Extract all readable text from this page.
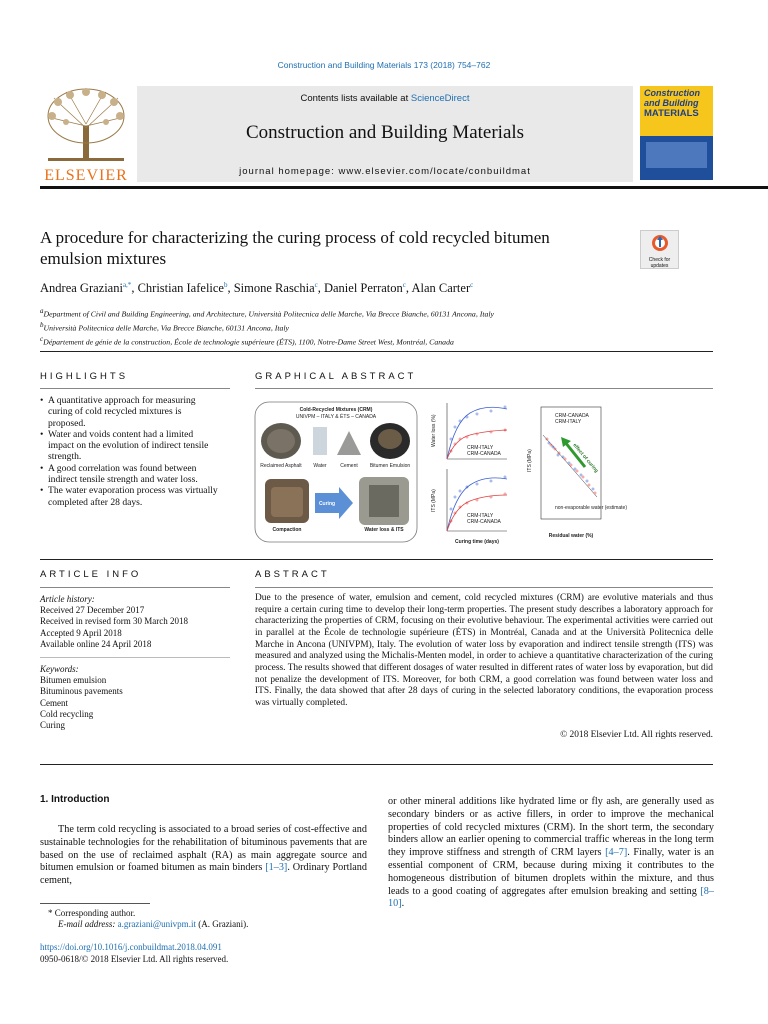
Construction and Building Materials 173 (2018) 754–762
ELSEVIER
Contents lists available at ScienceDirect
Construction and Building Materials
journal homepage: www.elsevier.com/locate/conbuildmat
Construction
and Building
MATERIALS
A procedure for characterizing the curing process of cold recycled bitumen emulsion mixtures	Check for updates
Andrea Graziani$^{a,*}$, Christian Iafelice$^b$, Simone Raschia$^c$, Daniel Perraton$^c$, Alan Carter$^c$
$^a$Department of Civil and Building Engineering, and Architecture, Università Politecnica delle Marche, Via Brecce Bianche, 60131 Ancona, Italy
$^b$Università Politecnica delle Marche, Via Brecce Bianche, 60131 Ancona, Italy
$^c$Département de génie de la construction, École de technologie supérieure (ÉTS), 1100, Notre-Dame Street West, Montréal, Canada
HIGHLIGHTS
• A quantitative approach for measuring curing of cold recycled mixtures is proposed.
• Water and voids content had a limited impact on the evolution of indirect tensile strength.
• A good correlation was found between indirect tensile strength and water loss.
• The water evaporation process was virtually completed after 28 days.
GRAPHICAL ABSTRACT
Cold-Recycled Mixtures (CRM)
UNIVPM – ITALY & ÉTS – CANADA
Reclaimed Asphalt Water	Cement Bitumen Emulsion
Curing
Compaction	Water loss & ITS
Water loss (%)
CRM-ITALY
CRM-CANADA
ITS (MPa)
CRM-ITALY
CRM-CANADA
Curing time (days)
ITS (MPa)
CRM-CANADA
CRM-ITALY
effect of curing
non-evaporable water (estimate)
Residual water (%)
ARTICLE INFO
Article history:
Received 27 December 2017
Received in revised form 30 March 2018
Accepted 9 April 2018
Available online 24 April 2018
Keywords:
Bitumen emulsion
Bituminous pavements
Cement
Cold recycling
Curing
ABSTRACT
Due to the presence of water, emulsion and cement, cold recycled mixtures (CRM) are evolutive materials and thus require a certain curing time to develop their long-term properties. The present study describes a laboratory approach for characterizing the properties of CRM, focusing on their evolutive behaviour. The experimental activities were carried out in parallel at the École de technologie supérieure (ÉTS) in Montréal, Canada and at the Università Politecnica delle Marche in Ancona (UNIVPM), Italy. The evolution of water loss by evaporation and indirect tensile strength (ITS) was measured and analyzed using the Michalis-Menten model, in order to achieve a quantitative characterization of the curing process. The results showed that different dosages of water resulted in different rates of water loss by evaporation, but did not penalize the development of ITS. Moreover, for both CRM, a good correlation was found between water loss and ITS. Finally, the data showed that after 28 days of curing in the selected laboratory conditions, the evaporation process was virtually completed.
© 2018 Elsevier Ltd. All rights reserved.
1. Introduction
The term cold recycling is associated to a broad series of cost-effective and sustainable technologies for the rehabilitation of bituminous pavements that are based on the use of reclaimed asphalt (RA) as main aggregate source and bitumen emulsion or foamed bitumen as main binders [1–3]. Ordinary Portland cement,
* Corresponding author.
E-mail address: a.graziani@univpm.it (A. Graziani).
https://doi.org/10.1016/j.conbuildmat.2018.04.091
0950-0618/© 2018 Elsevier Ltd. All rights reserved.
or other mineral additions like hydrated lime or fly ash, are generally used as secondary binders or as active fillers, in order to improve the mechanical properties of cold recycled mixtures (CRM). In the short term, the secondary binders allow an earlier opening to commercial traffic whereas in the long term they improve stiffness and strength of CRM layers [4–7]. Finally, water is an essential component of CRM, because during mixing it contributes to the homogeneous distribution of bitumen droplets within the mixture, and thus leads to a good coating of aggregates after emulsion breaking and setting [8–10].
